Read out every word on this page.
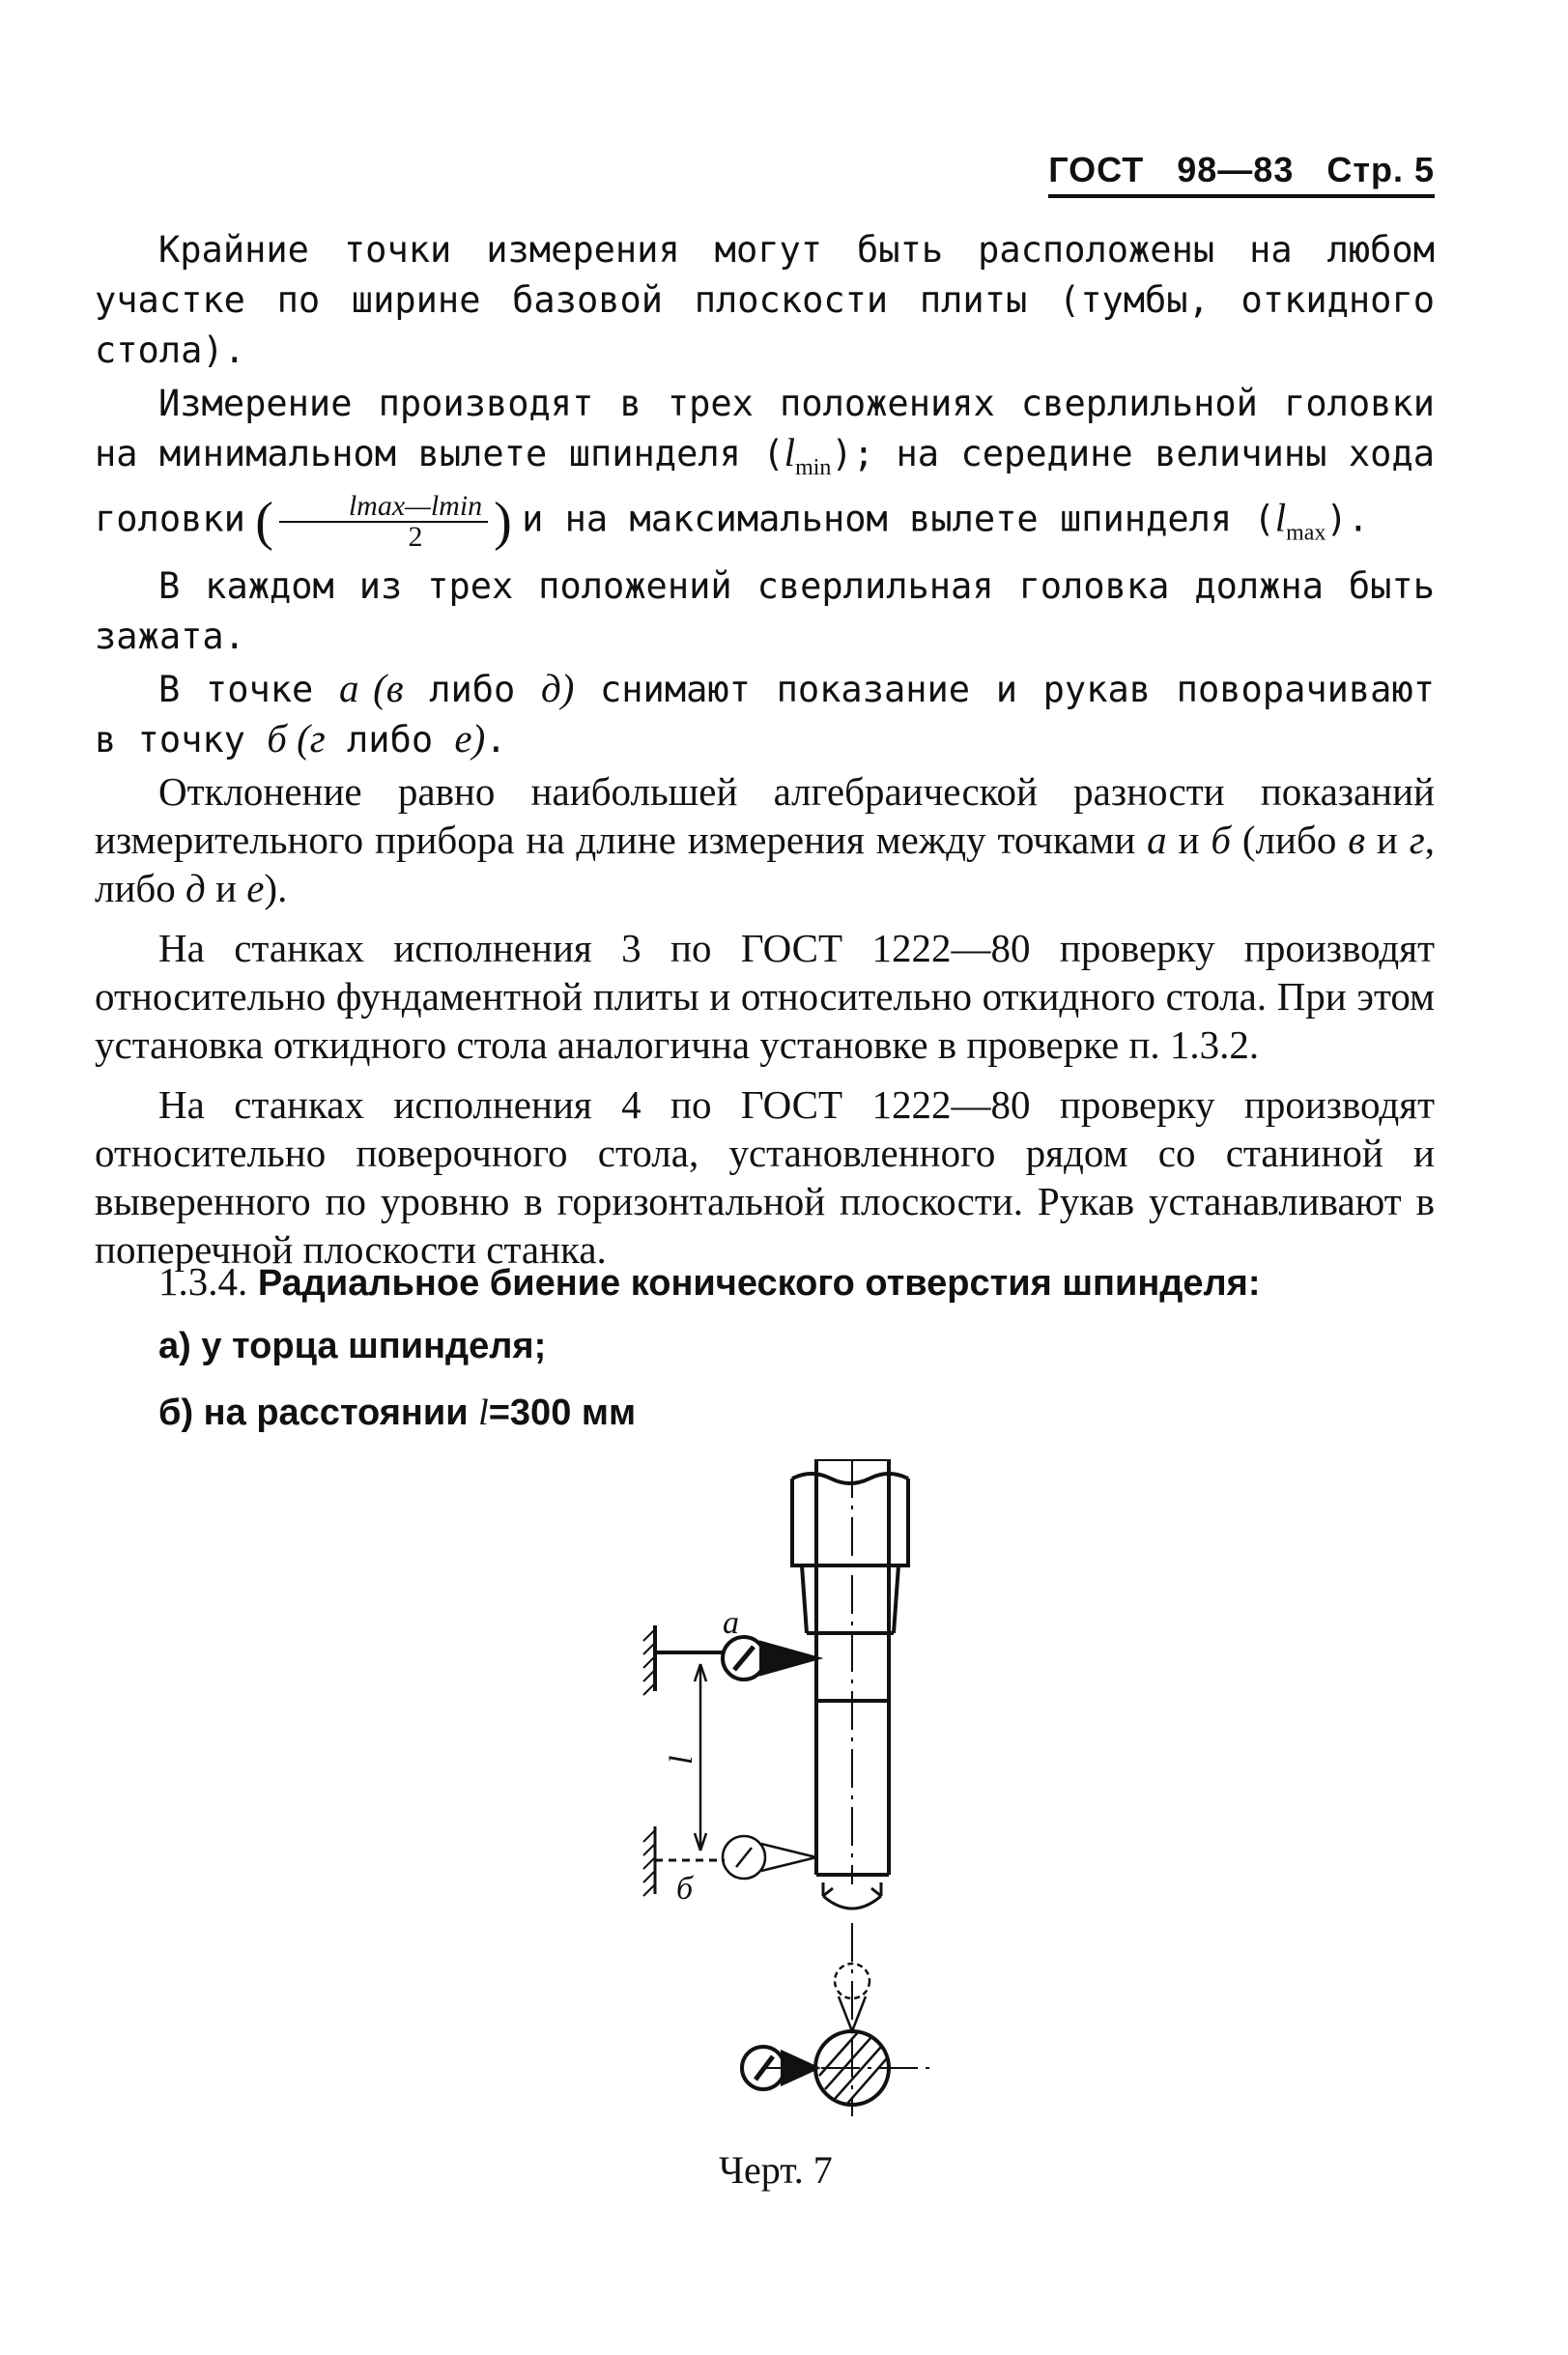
ГОСТ 98—83 Стр. 5

Крайние точки измерения могут быть расположены на любом участке по ширине базовой плоскости плиты (тумбы, откидного стола).

Измерение производят в трех положениях сверлильной головки на минимальном вылете шпинделя $(l_{min})$; на середине величины хода головки ( $\frac{lmax—lmin}{2}$ ) и на максимальном вылете шпинделя $(l_{max})$.

В каждом из трех положений сверлильная головка должна быть зажата.

В точке а (в либо д) снимают показание и рукав поворачивают в точку б (г либо е).

Отклонение равно наибольшей алгебраической разности показаний измерительного прибора на длине измерения между точками а и б (либо в и г, либо д и е).

На станках исполнения 3 по ГОСТ 1222—80 проверку производят относительно фундаментной плиты и относительно откидного стола. При этом установка откидного стола аналогична установке в проверке п. 1.3.2.

На станках исполнения 4 по ГОСТ 1222—80 проверку производят относительно поверочного стола, установленного рядом со станиной и выверенного по уровню в горизонтальной плоскости. Рукав устанавливают в поперечной плоскости станка.

1.3.4. Радиальное биение конического отверстия шпинделя:
а) у торца шпинделя;
б) на расстоянии l=300 мм
а
б
l
Черт. 7
